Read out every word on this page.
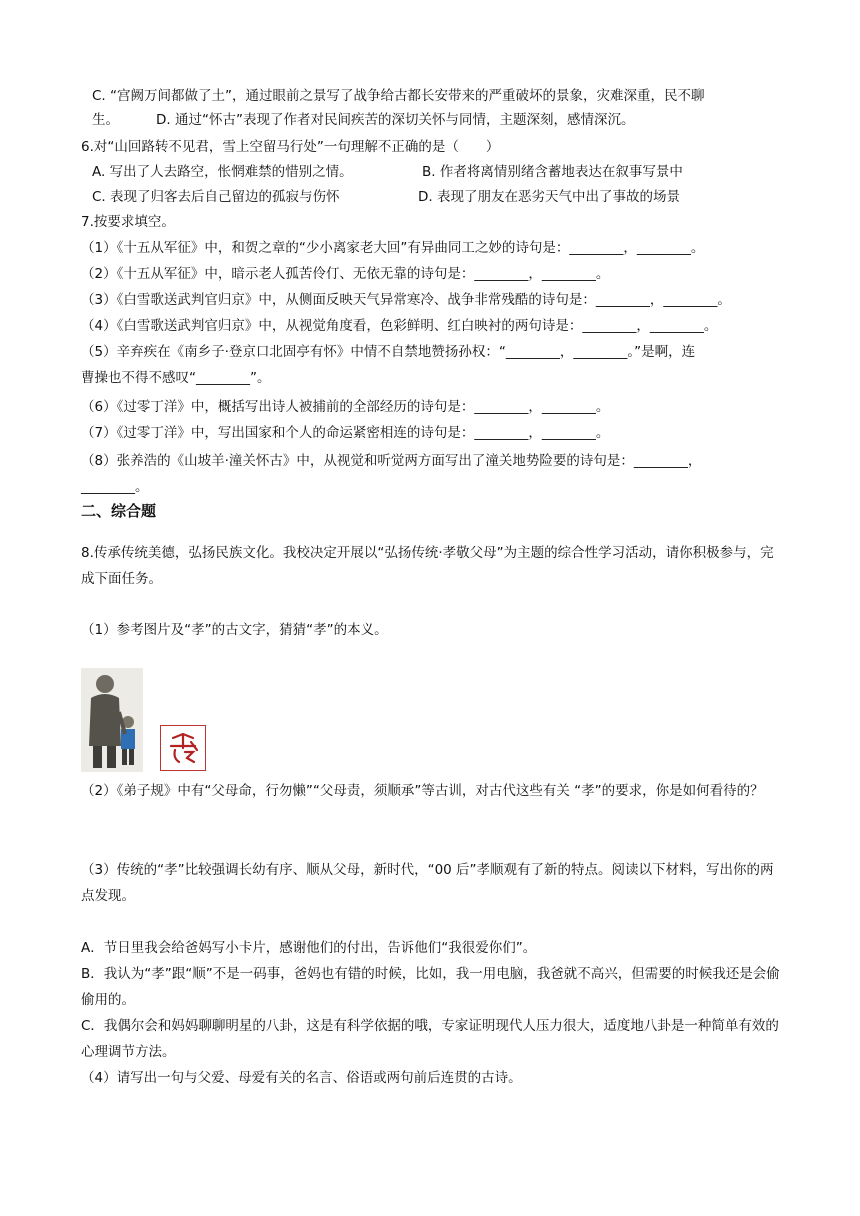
C. “宫阙万间都做了土”，通过眼前之景写了战争给古都长安带来的严重破坏的景象，灾难深重，民不聊
生。	D. 通过“怀古”表现了作者对民间疾苦的深切关怀与同情，主题深刻，感情深沉。
6.对“山回路转不见君，雪上空留马行处”一句理解不正确的是（　　）
A. 写出了人去路空，怅惘难禁的惜别之情。	B. 作者将离情别绪含蓄地表达在叙事写景中
C. 表现了归客去后自己留边的孤寂与伤怀	D. 表现了朋友在恶劣天气中出了事故的场景
7.按要求填空。
（1）《十五从军征》中，和贺之章的“少小离家老大回”有异曲同工之妙的诗句是：________，________。
（2）《十五从军征》中，暗示老人孤苦伶仃、无依无靠的诗句是：________，________。
（3）《白雪歌送武判官归京》中，从侧面反映天气异常寒冷、战争非常残酷的诗句是：________，________。
（4）《白雪歌送武判官归京》中，从视觉角度看，色彩鲜明、红白映衬的两句诗是：________，________。
（5）辛弃疾在《南乡子·登京口北固亭有怀》中情不自禁地赞扬孙权：“________，________。”是啊，连
曹操也不得不感叹“________”。
（6）《过零丁洋》中，概括写出诗人被捕前的全部经历的诗句是：________，________。
（7）《过零丁洋》中，写出国家和个人的命运紧密相连的诗句是：________，________。
（8）张养浩的《山坡羊·潼关怀古》中，从视觉和听觉两方面写出了潼关地势险要的诗句是：________，
________。
二、综合题
8.传承传统美德，弘扬民族文化。我校决定开展以“弘扬传统·孝敬父母”为主题的综合性学习活动，请你积极参与，完成下面任务。
（1）参考图片及“孝”的古文字，猜猜“孝”的本义。
（2）《弟子规》中有“父母命，行勿懒”“父母责，须顺承”等古训，对古代这些有关 “孝”的要求，你是如何看待的？
（3）传统的“孝”比较强调长幼有序、顺从父母，新时代，“00 后”孝顺观有了新的特点。阅读以下材料，写出你的两点发现。
A．节日里我会给爸妈写小卡片，感谢他们的付出，告诉他们“我很爱你们”。
B．我认为“孝”跟“顺”不是一码事，爸妈也有错的时候，比如，我一用电脑，我爸就不高兴，但需要的时候我还是会偷偷用的。
C．我偶尔会和妈妈聊聊明星的八卦，这是有科学依据的哦，专家证明现代人压力很大，适度地八卦是一种简单有效的心理调节方法。
（4）请写出一句与父爱、母爱有关的名言、俗语或两句前后连贯的古诗。
